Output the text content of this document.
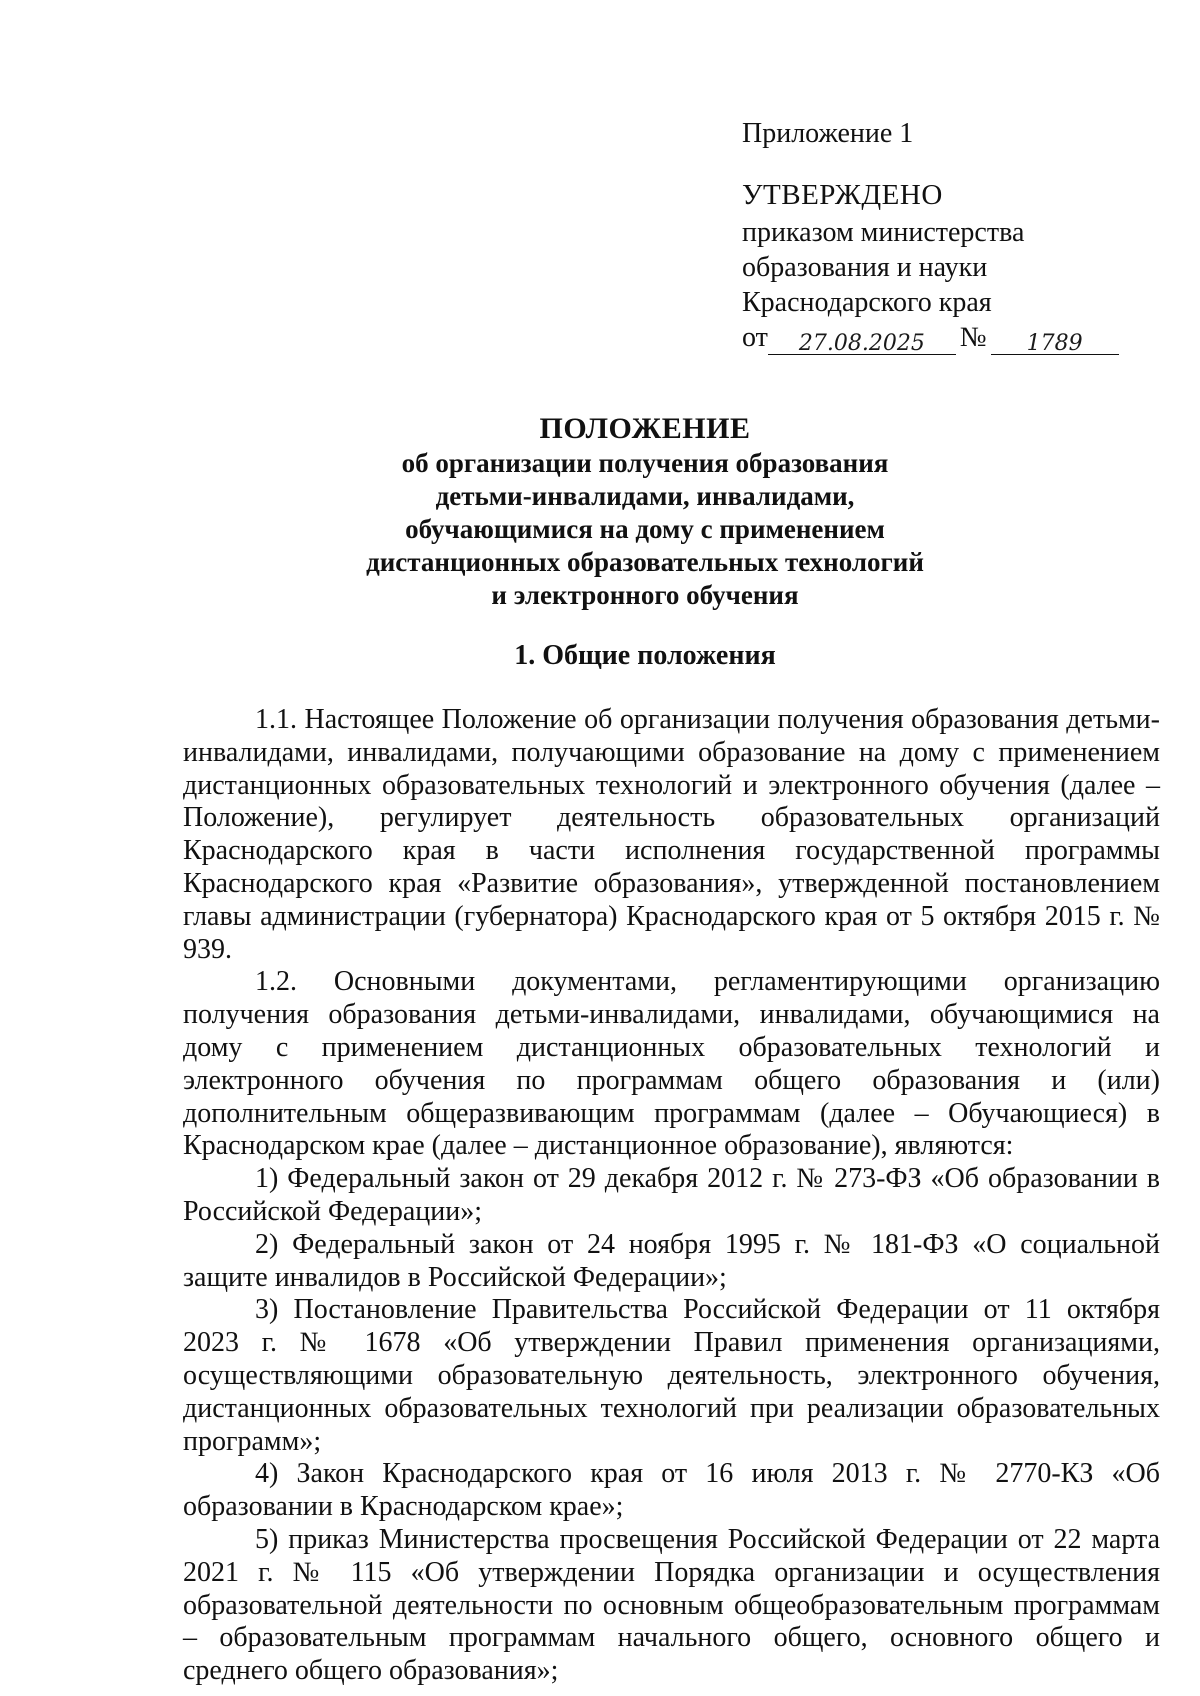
Приложение 1
УТВЕРЖДЕНО
приказом министерства
образования и науки
Краснодарского края
от 27.08.2025 № 1789
ПОЛОЖЕНИЕ
об организации получения образования
детьми-инвалидами, инвалидами,
обучающимися на дому с применением
дистанционных образовательных технологий
и электронного обучения
1. Общие положения

1.1. Настоящее Положение об организации получения образования детьми-инвалидами, инвалидами, получающими образование на дому с применением дистанционных образовательных технологий и электронного обучения (далее – Положение), регулирует деятельность образовательных организаций Краснодарского края в части исполнения государственной программы Краснодарского края «Развитие образования», утвержденной постановлением главы администрации (губернатора) Краснодарского края от 5 октября 2015 г. № 939.

1.2. Основными документами, регламентирующими организацию получения образования детьми-инвалидами, инвалидами, обучающимися на дому с применением дистанционных образовательных технологий и электронного обучения по программам общего образования и (или) дополнительным общеразвивающим программам (далее – Обучающиеся) в Краснодарском крае (далее – дистанционное образование), являются:

1) Федеральный закон от 29 декабря 2012 г. № 273-ФЗ «Об образовании в Российской Федерации»;

2) Федеральный закон от 24 ноября 1995 г. № 181-ФЗ «О социальной защите инвалидов в Российской Федерации»;

3) Постановление Правительства Российской Федерации от 11 октября 2023 г. № 1678 «Об утверждении Правил применения организациями, осуществляющими образовательную деятельность, электронного обучения, дистанционных образовательных технологий при реализации образовательных программ»;

4) Закон Краснодарского края от 16 июля 2013 г. № 2770-КЗ «Об образовании в Краснодарском крае»;

5) приказ Министерства просвещения Российской Федерации от 22 марта 2021 г. № 115 «Об утверждении Порядка организации и осуществления образовательной деятельности по основным общеобразовательным программам – образовательным программам начального общего, основного общего и среднего общего образования»;
